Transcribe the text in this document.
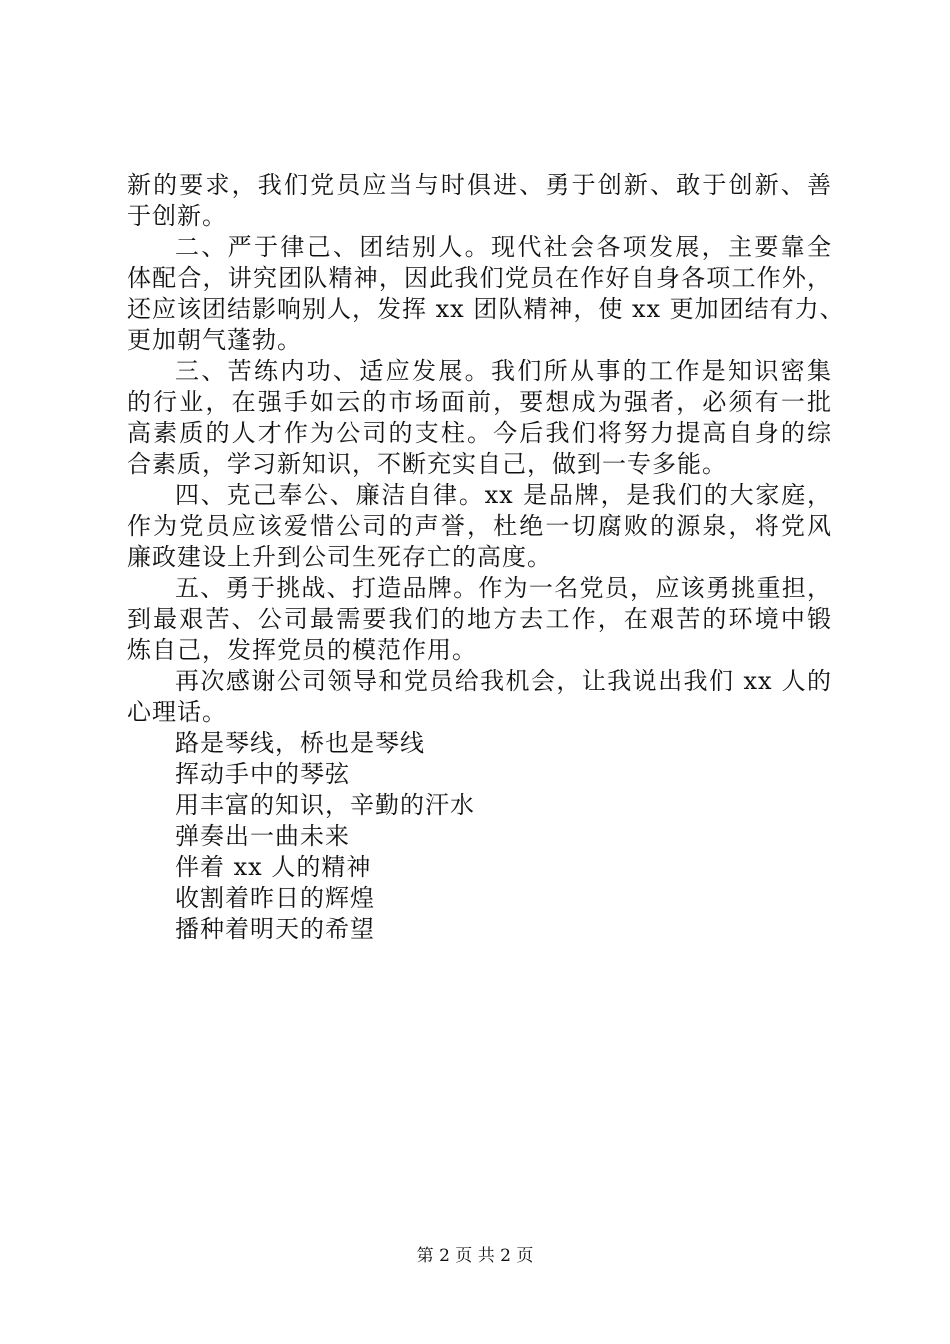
新的要求，我们党员应当与时俱进、勇于创新、敢于创新、善
于创新。
二、严于律己、团结别人。现代社会各项发展，主要靠全
体配合，讲究团队精神，因此我们党员在作好自身各项工作外，
还应该团结影响别人，发挥 xx 团队精神，使 xx 更加团结有力、
更加朝气蓬勃。
三、苦练内功、适应发展。我们所从事的工作是知识密集
的行业，在强手如云的市场面前，要想成为强者，必须有一批
高素质的人才作为公司的支柱。今后我们将努力提高自身的综
合素质，学习新知识，不断充实自己，做到一专多能。
四、克己奉公、廉洁自律。xx 是品牌，是我们的大家庭，
作为党员应该爱惜公司的声誉，杜绝一切腐败的源泉，将党风
廉政建设上升到公司生死存亡的高度。
五、勇于挑战、打造品牌。作为一名党员，应该勇挑重担，
到最艰苦、公司最需要我们的地方去工作，在艰苦的环境中锻
炼自己，发挥党员的模范作用。
再次感谢公司领导和党员给我机会，让我说出我们 xx 人的
心理话。
路是琴线，桥也是琴线
挥动手中的琴弦
用丰富的知识，辛勤的汗水
弹奏出一曲未来
伴着 xx 人的精神
收割着昨日的辉煌
播种着明天的希望
第 2 页 共 2 页
